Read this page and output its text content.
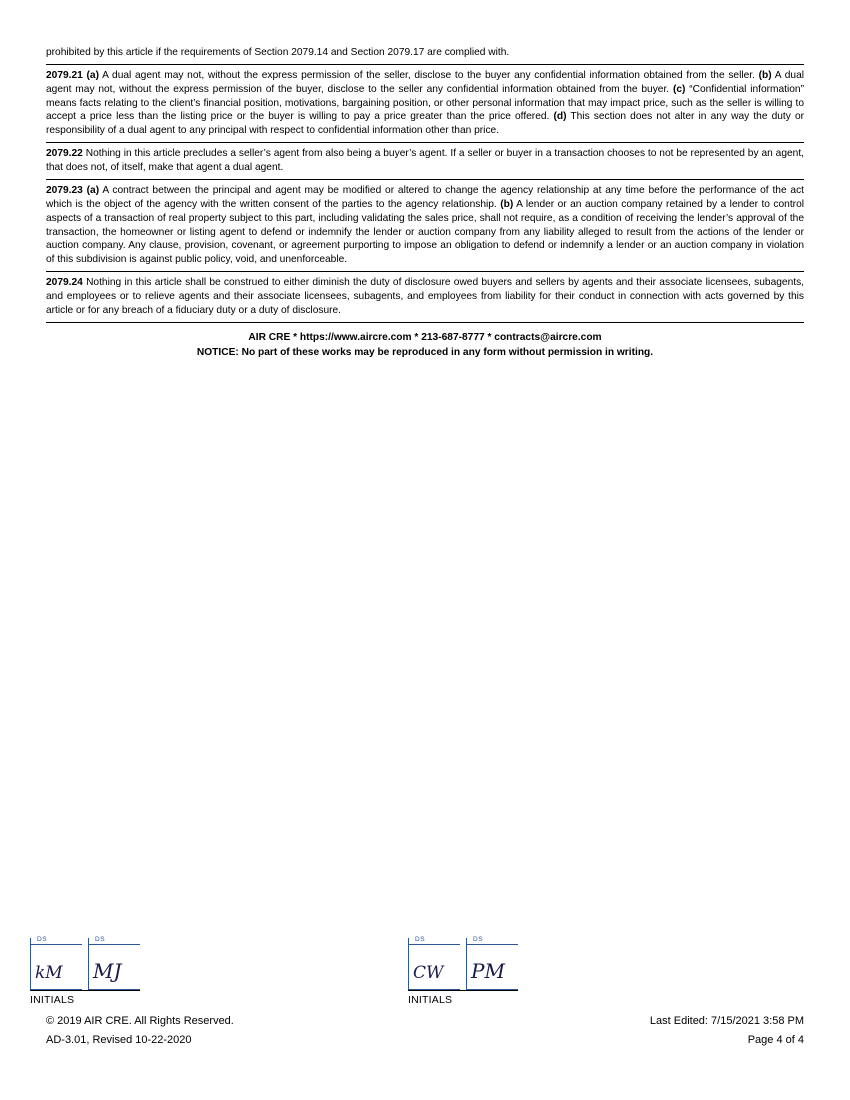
prohibited by this article if the requirements of Section 2079.14 and Section 2079.17 are complied with.
2079.21 (a) A dual agent may not, without the express permission of the seller, disclose to the buyer any confidential information obtained from the seller. (b) A dual agent may not, without the express permission of the buyer, disclose to the seller any confidential information obtained from the buyer. (c) “Confidential information” means facts relating to the client’s financial position, motivations, bargaining position, or other personal information that may impact price, such as the seller is willing to accept a price less than the listing price or the buyer is willing to pay a price greater than the price offered. (d) This section does not alter in any way the duty or responsibility of a dual agent to any principal with respect to confidential information other than price.
2079.22 Nothing in this article precludes a seller’s agent from also being a buyer’s agent. If a seller or buyer in a transaction chooses to not be represented by an agent, that does not, of itself, make that agent a dual agent.
2079.23 (a) A contract between the principal and agent may be modified or altered to change the agency relationship at any time before the performance of the act which is the object of the agency with the written consent of the parties to the agency relationship. (b) A lender or an auction company retained by a lender to control aspects of a transaction of real property subject to this part, including validating the sales price, shall not require, as a condition of receiving the lender’s approval of the transaction, the homeowner or listing agent to defend or indemnify the lender or auction company from any liability alleged to result from the actions of the lender or auction company. Any clause, provision, covenant, or agreement purporting to impose an obligation to defend or indemnify a lender or an auction company in violation of this subdivision is against public policy, void, and unenforceable.
2079.24 Nothing in this article shall be construed to either diminish the duty of disclosure owed buyers and sellers by agents and their associate licensees, subagents, and employees or to relieve agents and their associate licensees, subagents, and employees from liability for their conduct in connection with acts governed by this article or for any breach of a fiduciary duty or a duty of disclosure.
AIR CRE * https://www.aircre.com * 213-687-8777 * contracts@aircre.com
NOTICE: No part of these works may be reproduced in any form without permission in writing.
DS
kM
DS
MJ
INITIALS
DS
CW
DS
PM
INITIALS
© 2019 AIR CRE. All Rights Reserved.	Last Edited: 7/15/2021 3:58 PM
AD-3.01, Revised 10-22-2020	Page 4 of 4
